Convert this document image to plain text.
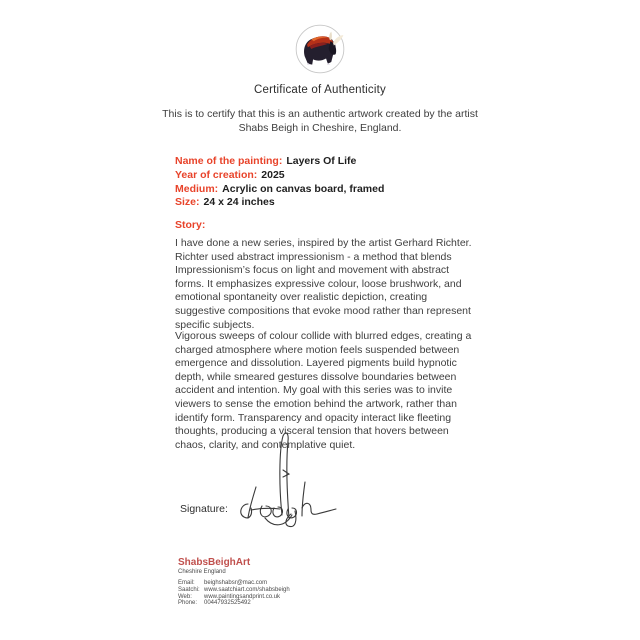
Certificate of Authenticity
This is to certify that this is an authentic artwork created by the artist
Shabs Beigh in Cheshire, England.
Name of the painting: Layers Of Life
Year of creation: 2025
Medium: Acrylic on canvas board, framed
Size: 24 x 24 inches
Story:

I have done a new series, inspired by the artist Gerhard Richter. Richter used abstract impressionism - a method that blends Impressionism’s focus on light and movement with abstract forms. It emphasizes expressive colour, loose brushwork, and emotional spontaneity over realistic depiction, creating suggestive compositions that evoke mood rather than represent specific subjects.

Vigorous sweeps of colour collide with blurred edges, creating a charged atmosphere where motion feels suspended between emergence and dissolution. Layered pigments build hypnotic depth, while smeared gestures dissolve boundaries between accident and intention. My goal with this series was to invite viewers to sense the emotion behind the artwork, rather than identify form. Transparency and opacity interact like fleeting thoughts, producing a visceral tension that hovers between chaos, clarity, and contemplative quiet.

Signature:
ShabsBeighArt
Cheshire England
Email:	beighshabsr@mac.com
Saatchi: www.saatchiart.com/shabsbeigh
Web:	www.paintingsandprint.co.uk
Phone:	00447932525492
